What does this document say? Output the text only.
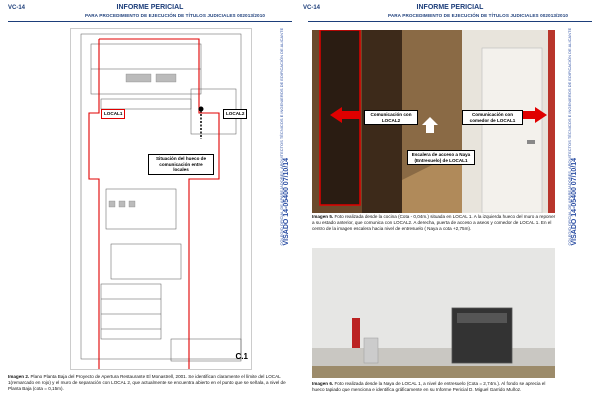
VC-14	INFORME PERICIAL
PARA PROCEDIMIENTO DE EJECUCIÓN DE TÍTULOS JUDICIALES 002013/2010
LOCAL1	LOCAL2
Situación del hueco de comunicación entre locales
C.1
Imagen 2. Plano Planta Baja del Proyecto de Apertura Restaurante El Monastrell, 2001. Se identifican claramente el límite del LOCAL 1(remarcado en rojo) y el muro de separación con LOCAL 2, que actualmente se encuentra abierto en el punto que se señala, a nivel de Planta Baja (cota = 0,15m).
COLEGIO OFICIAL DE APAREJADORES, ARQUITECTOS TÉCNICOS E INGENIEROS DE EDIFICACIÓN DE ALICANTE VISADO 14-05400 07/10/14
VC-14	INFORME PERICIAL
PARA PROCEDIMIENTO DE EJECUCIÓN DE TÍTULOS JUDICIALES 002013/2010
COLEGIO OFICIAL DE APAREJADORES, ARQUITECTOS TÉCNICOS E INGENIEROS DE EDIFICACIÓN DE ALICANTE VISADO 14-05400 07/10/14
Comunicación con LOCAL2
Comunicación con comedor de LOCAL1
Escalera de acceso a Naya (Entresuelo) de LOCAL1
Imagen 5. Foto realizada desde la cocina (Cota - 0,04m.) situada en LOCAL 1. A la izquierda hueco del muro a reponer a su estado anterior, que comunica con LOCAL2. A derecha, puerta de acceso a aseos y comedor de LOCAL 1. En el centro de la imagen escalera hacia nivel de entresuelo ( Naya a cota +2,75m).
Imagen 6. Foto realizada desde la Naya de LOCAL 1, a nivel de entresuelo (Cota = 2,74m.). Al fondo se aprecia el hueco tapiado que menciona e identifica gráficamente en su Informe Pericial D. Miguel Garrido Muñoz.
